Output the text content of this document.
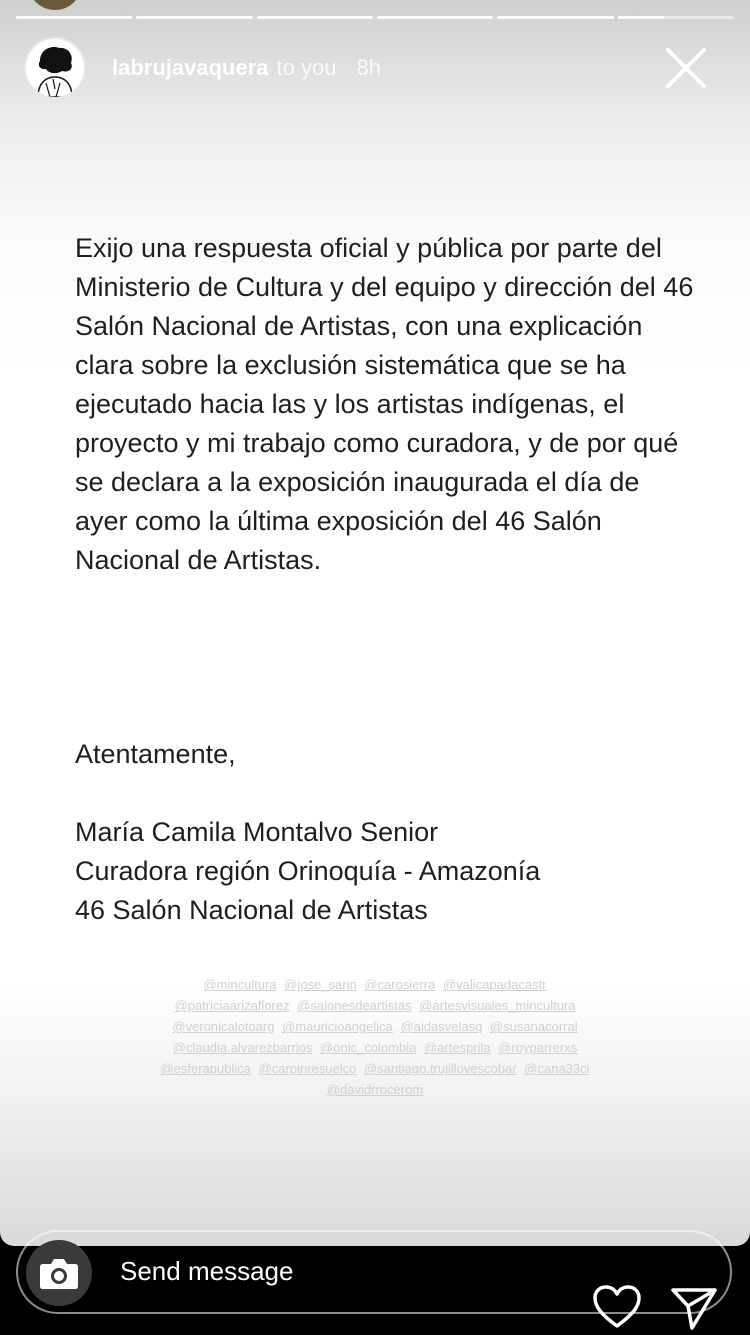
labrujavaquera to you 8h

Exijo una respuesta oficial y pública por parte del Ministerio de Cultura y del equipo y dirección del 46 Salón Nacional de Artistas, con una explicación clara sobre la exclusión sistemática que se ha ejecutado hacia las y los artistas indígenas, el proyecto y mi trabajo como curadora, y de por qué se declara a la exposición inaugurada el día de ayer como la última exposición del 46 Salón Nacional de Artistas.

Atentamente,
María Camila Montalvo Senior
Curadora región Orinoquía - Amazonía
46 Salón Nacional de Artistas
@mincultura @jose_sarin @carosierra @valicapadacastr @patriciaarizaflorez @salonesdeartistas @artesvisuales_mincultura @veronicalotoarg @mauricioangelica @aidasvelasq @susanacorral @claudia.alvarezbarrios @onic_colombia @artesprila @royparrerxs @esferapublica @carpinresuelco @santiago.trujillovescobar @cana33ci @davidrrocerom
Send message
